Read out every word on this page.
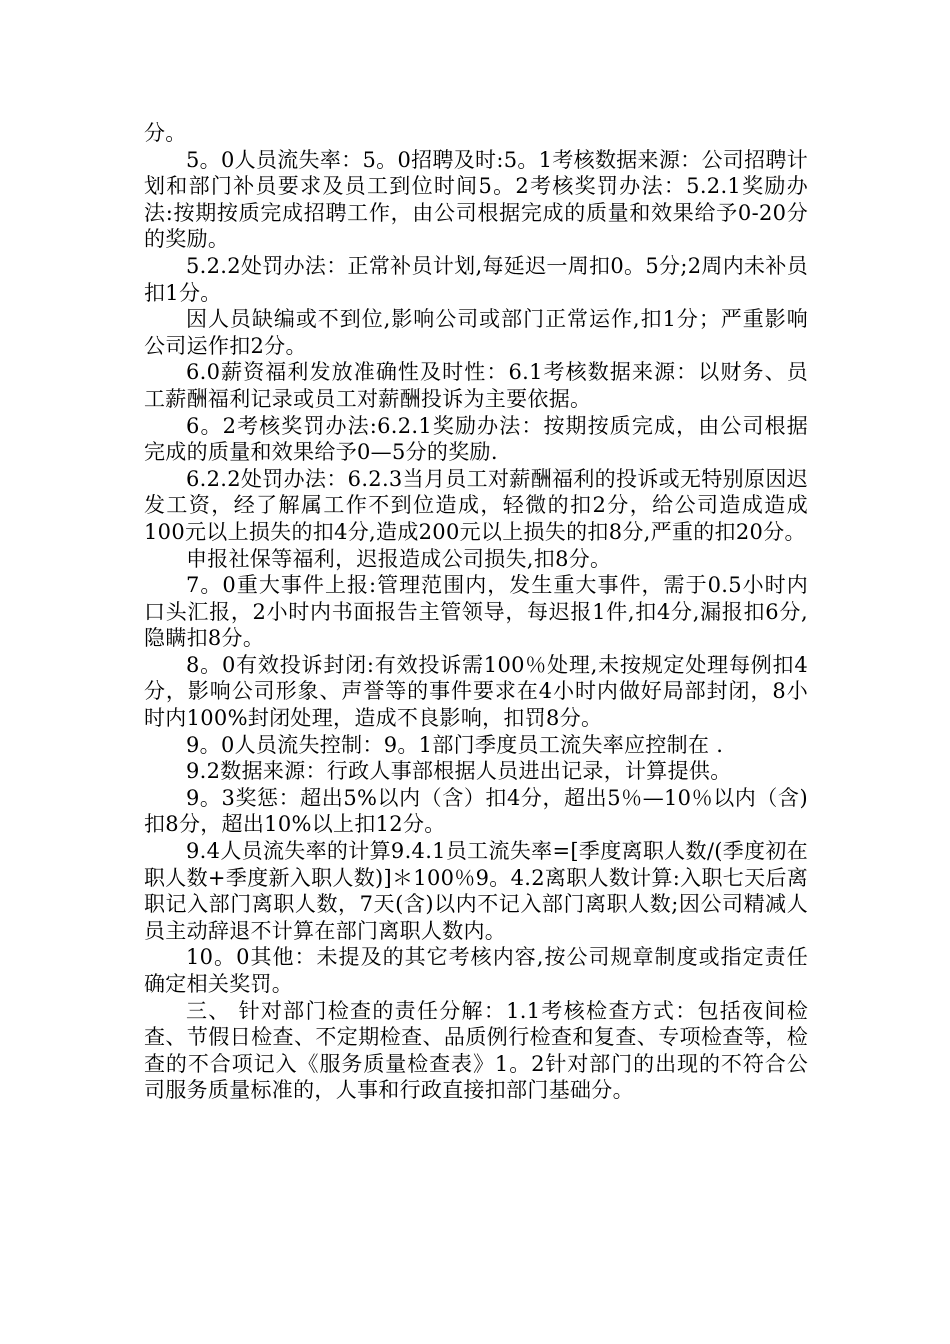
分。

5。0人员流失率：5。0招聘及时:5。1考核数据来源：公司招聘计划和部门补员要求及员工到位时间5。2考核奖罚办法：5.2.1奖励办法:按期按质完成招聘工作，由公司根据完成的质量和效果给予0-20分的奖励。

5.2.2处罚办法：正常补员计划,每延迟一周扣0。5分;2周内未补员扣1分。

因人员缺编或不到位,影响公司或部门正常运作,扣1分；严重影响公司运作扣2分。

6.0薪资福利发放准确性及时性：6.1考核数据来源：以财务、员工薪酬福利记录或员工对薪酬投诉为主要依据。

6。2考核奖罚办法:6.2.1奖励办法：按期按质完成，由公司根据完成的质量和效果给予0—5分的奖励.

6.2.2处罚办法：6.2.3当月员工对薪酬福利的投诉或无特别原因迟发工资，经了解属工作不到位造成，轻微的扣2分，给公司造成造成100元以上损失的扣4分,造成200元以上损失的扣8分,严重的扣20分。

申报社保等福利，迟报造成公司损失,扣8分。

7。0重大事件上报:管理范围内，发生重大事件，需于0.5小时内口头汇报，2小时内书面报告主管领导，每迟报1件,扣4分,漏报扣6分,隐瞒扣8分。

8。0有效投诉封闭:有效投诉需100％处理,未按规定处理每例扣4分，影响公司形象、声誉等的事件要求在4小时内做好局部封闭，8小时内100%封闭处理，造成不良影响，扣罚8分。

9。0人员流失控制：9。1部门季度员工流失率应控制在 .

9.2数据来源：行政人事部根据人员进出记录，计算提供。

9。3奖惩：超出5%以内（含）扣4分，超出5％—10％以内（含)扣8分，超出10%以上扣12分。

9.4人员流失率的计算9.4.1员工流失率=[季度离职人数/(季度初在职人数+季度新入职人数)]＊100％9。4.2离职人数计算:入职七天后离职记入部门离职人数，7天(含)以内不记入部门离职人数;因公司精减人员主动辞退不计算在部门离职人数内。

10。0其他：未提及的其它考核内容,按公司规章制度或指定责任确定相关奖罚。

三、 针对部门检查的责任分解：1.1考核检查方式：包括夜间检查、节假日检查、不定期检查、品质例行检查和复查、专项检查等，检查的不合项记入《服务质量检查表》1。2针对部门的出现的不符合公司服务质量标准的，人事和行政直接扣部门基础分。
